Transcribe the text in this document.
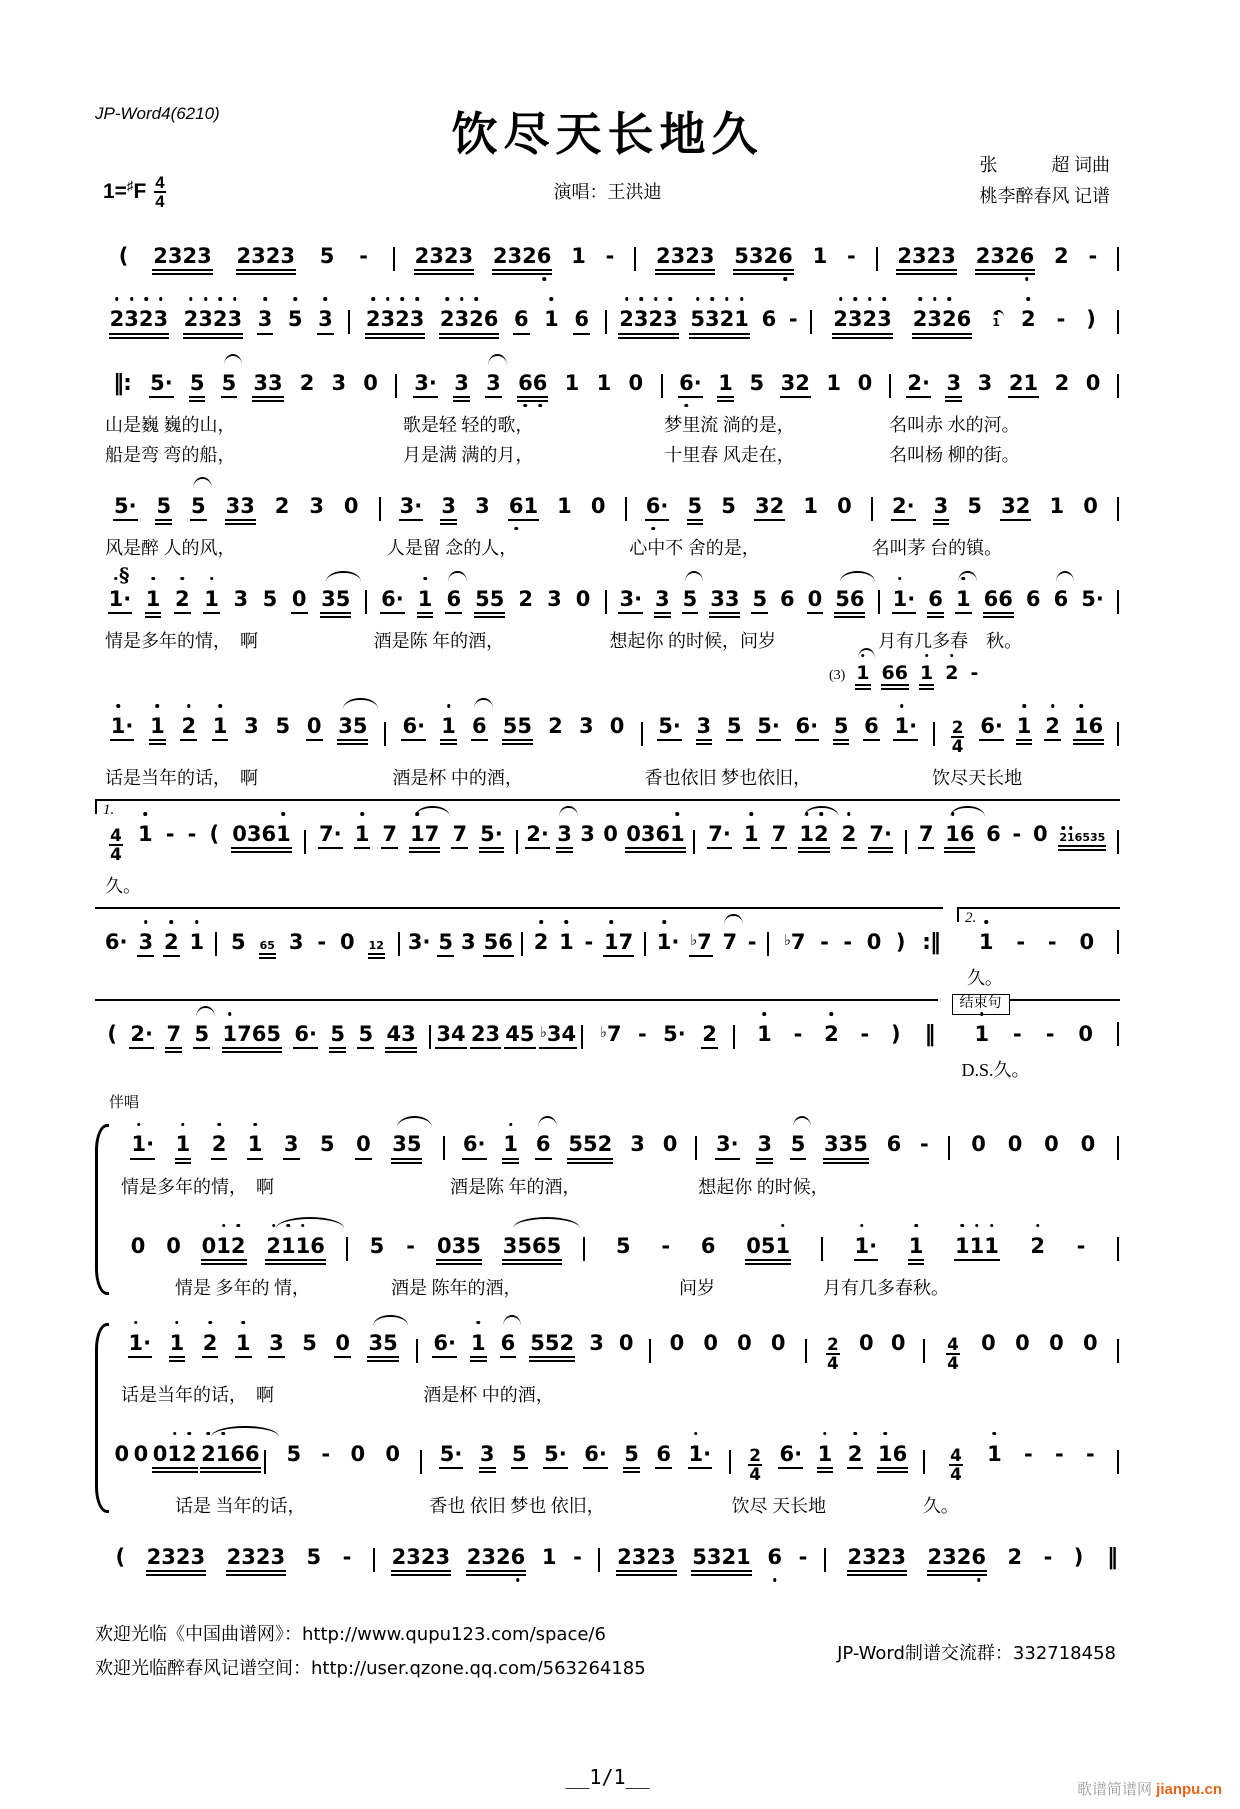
JP-Word4(6210)	饮尽天长地久
张　　　超 词曲
桃李醉春风 记谱
演唱：王洪迪
1= ♯ F $\frac{4}{4}$
( 2323 2323 5 - 2323 2326 1 - 2323 5326 1 - 2323 2326 2 -
2
3
2
3 2
3
2
3 3 5 3 2
3
2
3 2
3
2
6 6 1 6 2
3
2
3 5
3
2
1 6 - 2
3
2
3 2
3
2
6 1 2 - )
‖: 5· 5 5 33 2 3 0 3· 3 3 6
6 1 1 0 6
· 1 5 32 1 0 2· 3 3 21 2 0
山是巍 巍的山，	歌是轻 轻的歌，	梦里流 淌的是，	名叫赤 水的河。
船是弯 弯的船，	月是满 满的月，	十里春 风走在，	名叫杨 柳的街。
5· 5 5 33 2 3 0 3· 3 3 6
1 1 0 6
· 5 5 32 1 0 2· 3 5 32 1 0
风是醉 人的风，	人是留 念的人，	心中不 舍的是，	名叫茅 台的镇。
§
1
· 1 2 1 3 5 0 35 6· 1 6 55 2 3 0 3· 3 5 33 5 6 0 56 1
· 6 1 66 6 6 5·
情是多年的情，　啊	酒是陈 年的酒，	想起你 的时候，问岁	月有几多春　秋。
(3) 1 66 1 2 -
1
· 1 2 1 3 5 0 35 6· 1 6 55 2 3 0 5· 3 5 5· 6· 5 6 1
· 2
4
6· 1 2 1
6
话是当年的话，　啊	酒是杯 中的酒，	香也依旧 梦也依旧，	饮尽天长地
1.
4
4
1 - - ( 0361 7· 1 7 1
7 7 5· 2· 3 3 0 0361 7· 1 7 1
2 2 7· 7 1
6 6 - 0 2
1
6535
久。
6· 3 2 1 5 65 3 - 0 12 3· 5 3 56 2 1 - 1
7 1
· ♭7 7 - ♭7 - - 0 ) :‖
2.
1 - - 0
久。
( 2· 7 5 1
765 6· 5 5 43 34 23 45 ♭34 ♭7 - 5· 2 1 - 2 - ) ‖
结束句
1 - - 0
D.S.久。
伴唱
1
· 1 2 1 3 5 0 35 6· 1 6 552 3 0 3· 3 5 335 6 - 0 0 0 0
情是多年的情，　啊	酒是陈 年的酒，	想起你 的时候，
0 0 01
2 2
1
1
6 5 - 035 3565	5 - 6 051	1
· 1 1
1
1 2 -
　　　情是 多年的 情，	　　酒是 陈年的酒，	　　　　　问岁	月有几多春秋。
1
· 1 2 1 3 5 0 35 6· 1 6 552 3 0 0 0 0 0 2
4
0 0 4
4
0 0 0 0
话是当年的话，　啊	酒是杯 中的酒，
0 0 01
2 2
1
66 5 - 0 0 5· 3 5 5· 6· 5 6 1
· 2
4
6· 1 2 1
6	4
4
1 - - -
　　　话是 当年的话，	香也 依旧 梦也 依旧，	饮尽 天长地	久。
( 2323 2323 5 - 2323 2326 1 - 2323 5321 6 - 2323 2326 2 - ) ‖
欢迎光临《中国曲谱网》：http://www.qupu123.com/space/6
欢迎光临醉春风记谱空间：http://user.qzone.qq.com/563264185
JP-Word制谱交流群：332718458
__1/1__
歌谱简谱网 jianpu.cn
